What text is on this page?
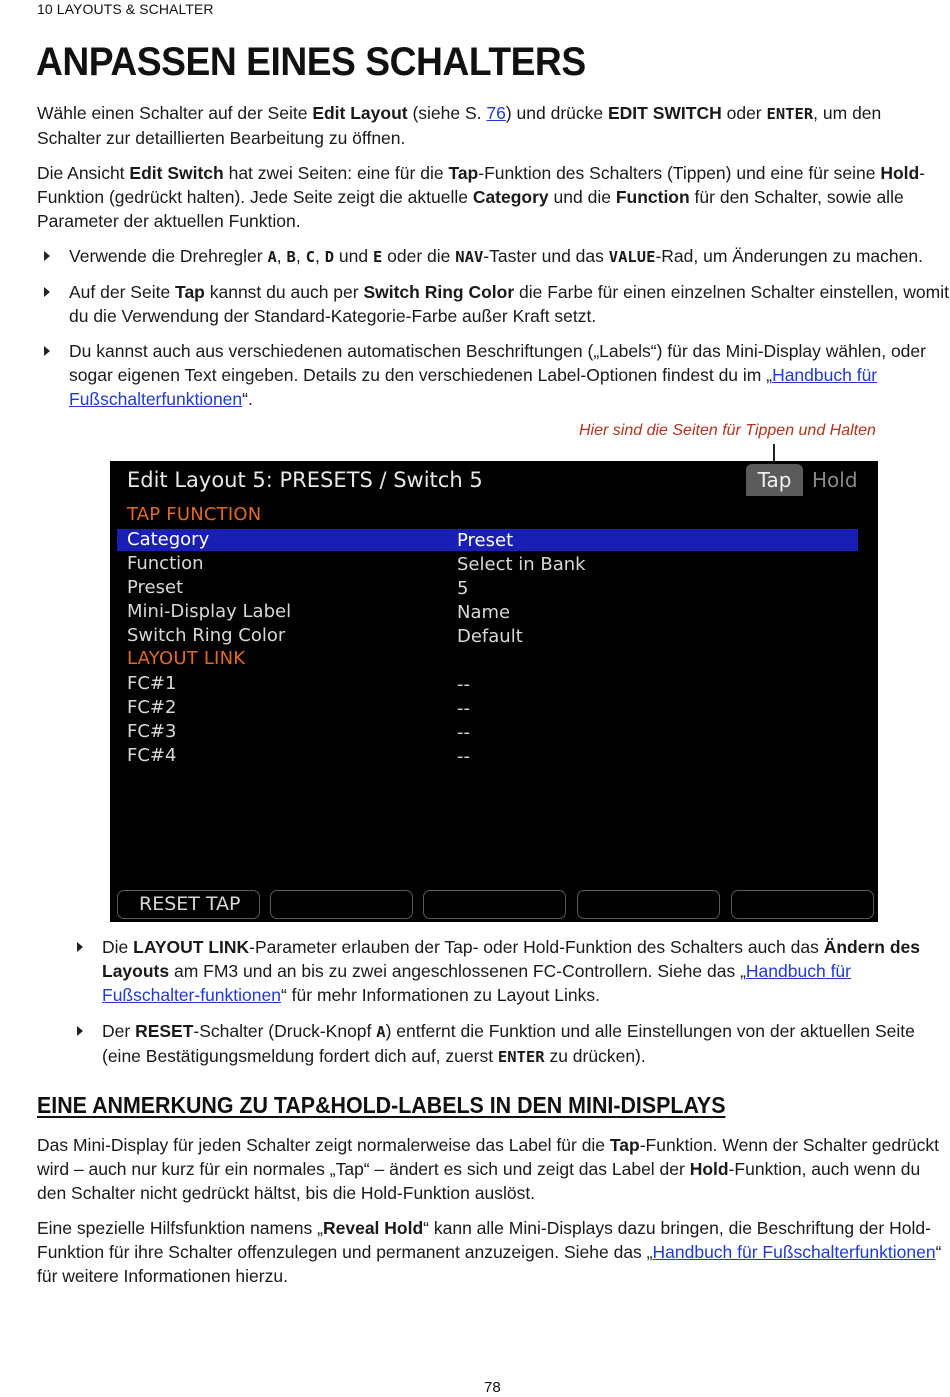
10 LAYOUTS & SCHALTER
ANPASSEN EINES SCHALTERS
Wähle einen Schalter auf der Seite Edit Layout (siehe S. 76) und drücke EDIT SWITCH oder ENTER, um den Schalter zur detaillierten Bearbeitung zu öffnen.
Die Ansicht Edit Switch hat zwei Seiten: eine für die Tap-Funktion des Schalters (Tippen) und eine für seine Hold-Funktion (gedrückt halten). Jede Seite zeigt die aktuelle Category und die Function für den Schalter, sowie alle Parameter der aktuellen Funktion.
Verwende die Drehregler A, B, C, D und E oder die NAV-Taster und das VALUE-Rad, um Änderungen zu machen.
Auf der Seite Tap kannst du auch per Switch Ring Color die Farbe für einen einzelnen Schalter einstellen, womit du die Verwendung der Standard-Kategorie-Farbe außer Kraft setzt.
Du kannst auch aus verschiedenen automatischen Beschriftungen („Labels“) für das Mini-Display wählen, oder sogar eigenen Text eingeben. Details zu den verschiedenen Label-Optionen findest du im „Handbuch für Fußschalterfunktionen“.
Hier sind die Seiten für Tippen und Halten
Edit Layout 5: PRESETS / Switch 5	Tap	Hold
TAP FUNCTION
Category	Preset
Function	Select in Bank
Preset	5
Mini-Display Label	Name
Switch Ring Color	Default
LAYOUT LINK
FC#1	--
FC#2	--
FC#3	--
FC#4	--
RESET TAP
Die LAYOUT LINK-Parameter erlauben der Tap- oder Hold-Funktion des Schalters auch das Ändern des Layouts am FM3 und an bis zu zwei angeschlossenen FC-Controllern. Siehe das „Handbuch für Fußschalter-funktionen“ für mehr Informationen zu Layout Links.
Der RESET-Schalter (Druck-Knopf A) entfernt die Funktion und alle Einstellungen von der aktuellen Seite (eine Bestätigungsmeldung fordert dich auf, zuerst ENTER zu drücken).
EINE ANMERKUNG ZU TAP&HOLD-LABELS IN DEN MINI-DISPLAYS
Das Mini-Display für jeden Schalter zeigt normalerweise das Label für die Tap-Funktion. Wenn der Schalter gedrückt wird – auch nur kurz für ein normales „Tap“ – ändert es sich und zeigt das Label der Hold-Funktion, auch wenn du den Schalter nicht gedrückt hältst, bis die Hold-Funktion auslöst.
Eine spezielle Hilfsfunktion namens „Reveal Hold“ kann alle Mini-Displays dazu bringen, die Beschriftung der Hold-Funktion für ihre Schalter offenzulegen und permanent anzuzeigen. Siehe das „Handbuch für Fußschalterfunktionen“ für weitere Informationen hierzu.
78
